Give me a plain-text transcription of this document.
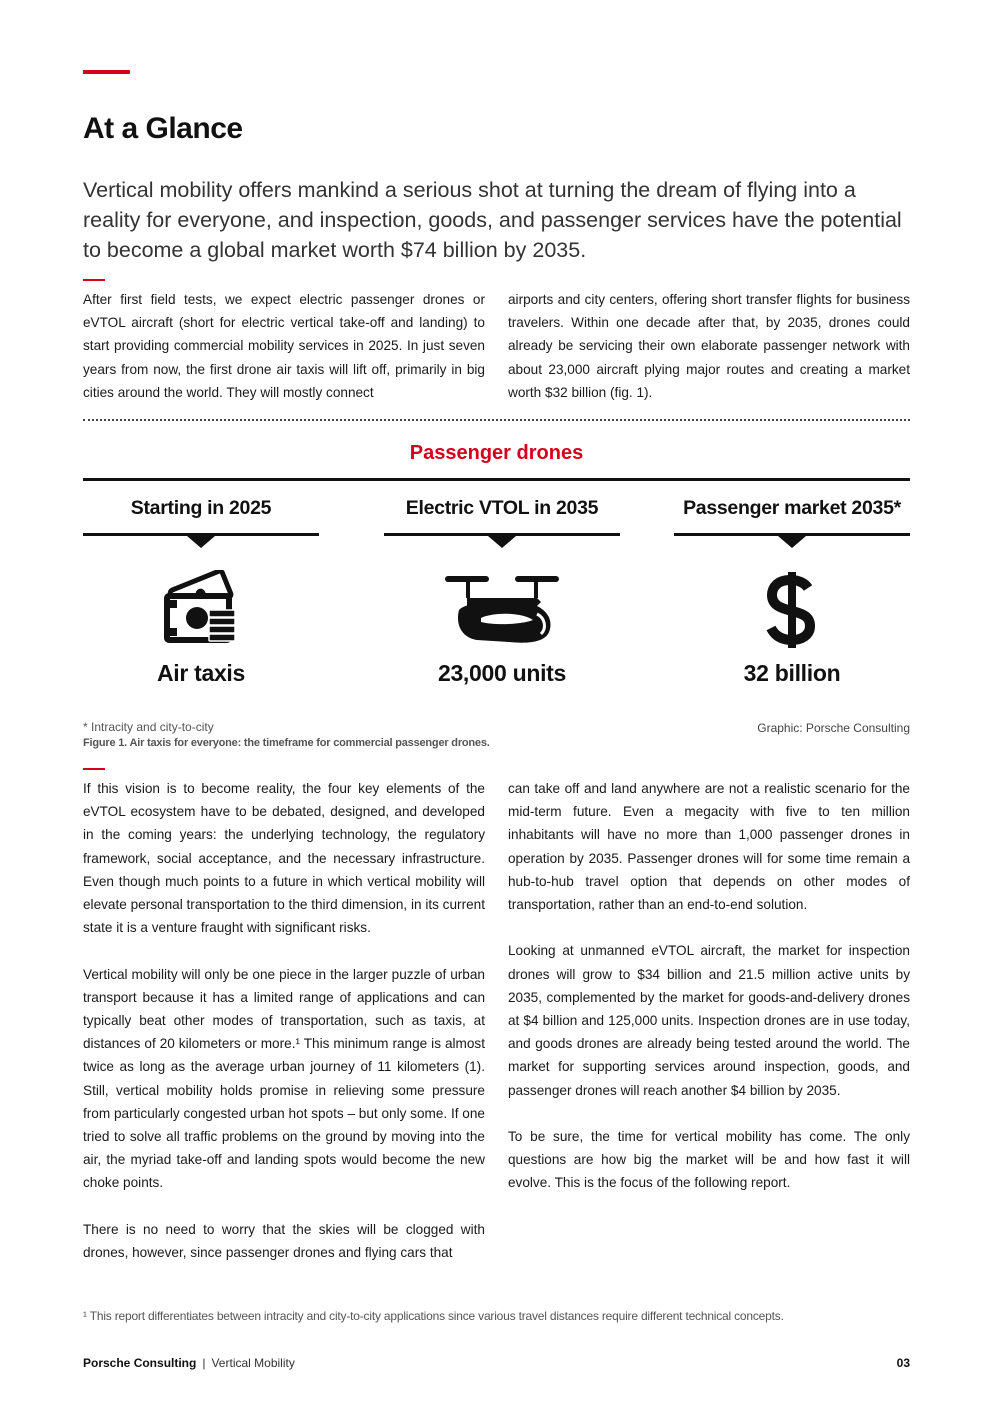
At a Glance

Vertical mobility offers mankind a serious shot at turning the dream of flying into a reality for everyone, and inspection, goods, and passenger services have the potential to become a global market worth $74 billion by 2035.

After first field tests, we expect electric passenger drones or eVTOL aircraft (short for electric vertical take-off and landing) to start providing commercial mobility services in 2025. In just seven years from now, the first drone air taxis will lift off, primarily in big cities around the world. They will mostly connect

airports and city centers, offering short transfer flights for business travelers. Within one decade after that, by 2035, drones could already be servicing their own elaborate passenger network with about 23,000 aircraft plying major routes and creating a market worth $32 billion (fig. 1).

Passenger drones
Starting in 2025
Air taxis
Electric VTOL in 2035
23,000 units
Passenger market 2035*
32 billion

* Intracity and city-to-city

Figure 1. Air taxis for everyone: the timeframe for commercial passenger drones.

Graphic: Porsche Consulting

If this vision is to become reality, the four key elements of the eVTOL ecosystem have to be debated, designed, and developed in the coming years: the underlying technology, the regulatory framework, social acceptance, and the necessary infrastructure. Even though much points to a future in which vertical mobility will elevate personal transportation to the third dimension, in its current state it is a venture fraught with significant risks.

Vertical mobility will only be one piece in the larger puzzle of urban transport because it has a limited range of applications and can typically beat other modes of transportation, such as taxis, at distances of 20 kilometers or more.¹ This minimum range is almost twice as long as the average urban journey of 11 kilometers (1). Still, vertical mobility holds promise in relieving some pressure from particularly congested urban hot spots – but only some. If one tried to solve all traffic problems on the ground by moving into the air, the myriad take-off and landing spots would become the new choke points.

There is no need to worry that the skies will be clogged with drones, however, since passenger drones and flying cars that

can take off and land anywhere are not a realistic scenario for the mid-term future. Even a megacity with five to ten million inhabitants will have no more than 1,000 passenger drones in operation by 2035. Passenger drones will for some time remain a hub-to-hub travel option that depends on other modes of transportation, rather than an end-to-end solution.

Looking at unmanned eVTOL aircraft, the market for inspection drones will grow to $34 billion and 21.5 million active units by 2035, complemented by the market for goods-and-delivery drones at $4 billion and 125,000 units. Inspection drones are in use today, and goods drones are already being tested around the world. The market for supporting services around inspection, goods, and passenger drones will reach another $4 billion by 2035.

To be sure, the time for vertical mobility has come. The only questions are how big the market will be and how fast it will evolve. This is the focus of the following report.

¹ This report differentiates between intracity and city-to-city applications since various travel distances require different technical concepts.

Porsche Consulting | Vertical Mobility	03
